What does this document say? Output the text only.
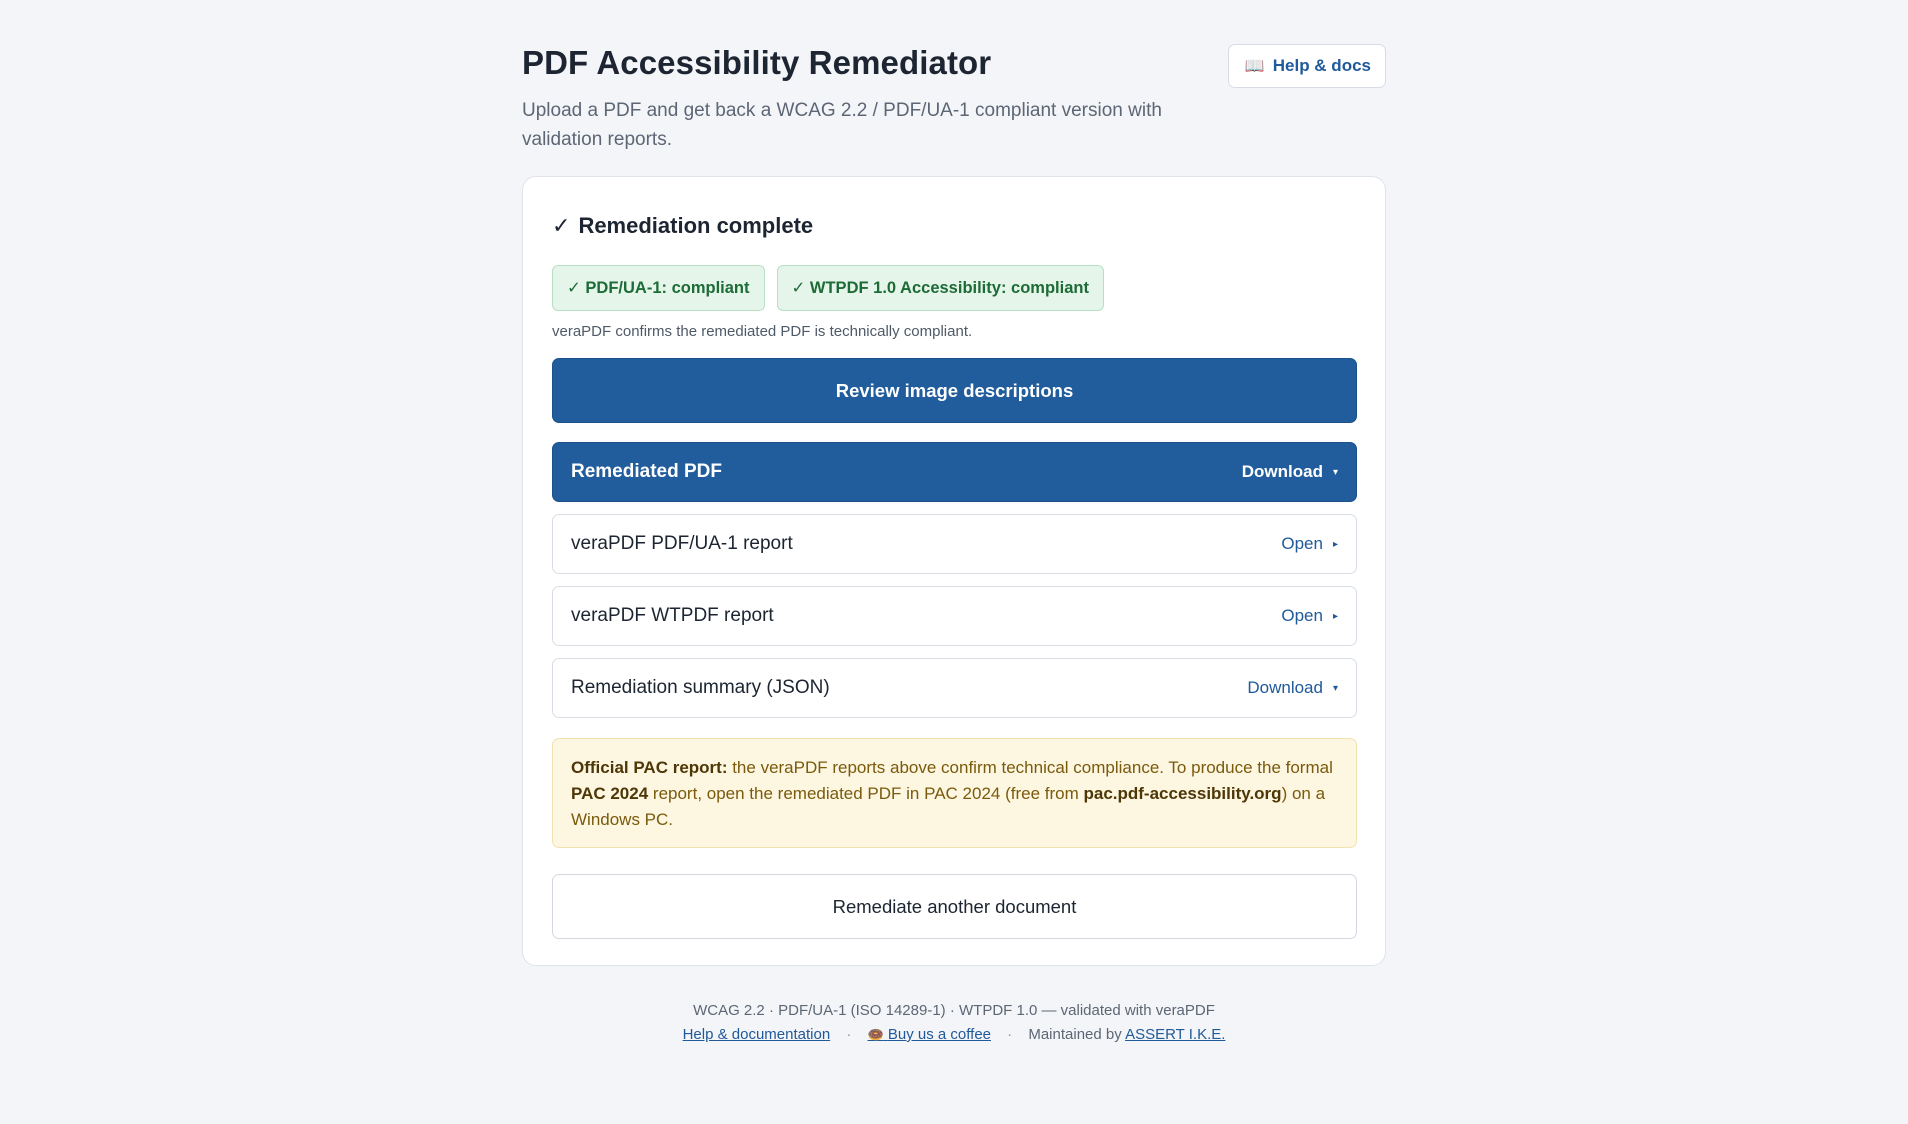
PDF Accessibility Remediator

Upload a PDF and get back a WCAG 2.2 / PDF/UA-1 compliant version with validation reports.

📖 Help & docs
✓ Remediation complete
✓ PDF/UA-1: compliant	✓ WTPDF 1.0 Accessibility: compliant

veraPDF confirms the remediated PDF is technically compliant.

Review image descriptions
Remediated PDF	Download ▾
veraPDF PDF/UA-1 report	Open ▸
veraPDF WTPDF report	Open ▸
Remediation summary (JSON)	Download ▾
Official PAC report: the veraPDF reports above confirm technical compliance. To produce the formal PAC 2024 report, open the remediated PDF in PAC 2024 (free from pac.pdf-accessibility.org) on a Windows PC.
Remediate another document
WCAG 2.2 · PDF/UA-1 (ISO 14289-1) · WTPDF 1.0 — validated with veraPDF
Help & documentation · 🍩 Buy us a coffee · Maintained by ASSERT I.K.E.
